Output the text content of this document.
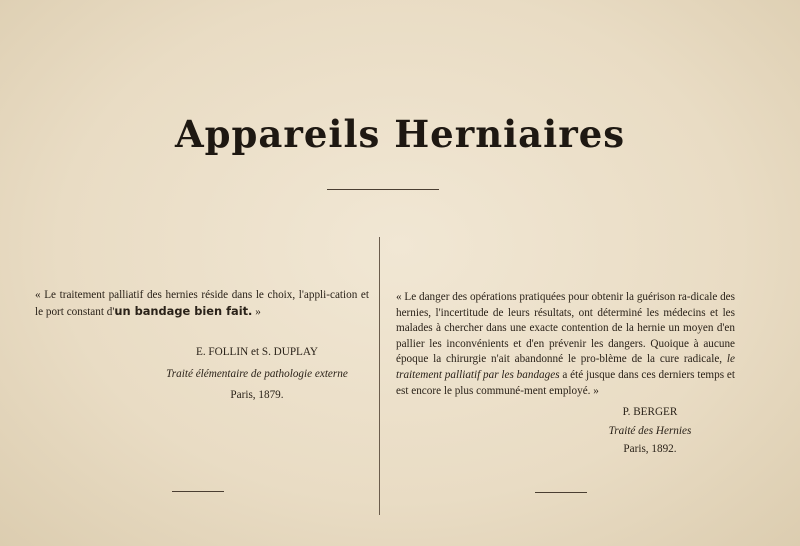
Appareils Herniaires
« Le traitement palliatif des hernies réside dans le choix, l'appli-cation et le port constant d'un bandage bien fait. »
E. FOLLIN et S. DUPLAY
Traité élémentaire de pathologie externe
Paris, 1879.
« Le danger des opérations pratiquées pour obtenir la guérison ra-dicale des hernies, l'incertitude de leurs résultats, ont déterminé les médecins et les malades à chercher dans une exacte contention de la hernie un moyen d'en pallier les inconvénients et d'en prévenir les dangers. Quoique à aucune époque la chirurgie n'ait abandonné le pro-blème de la cure radicale, le traitement palliatif par les bandages a été jusque dans ces derniers temps et est encore le plus communé-ment employé. »
P. BERGER
Traité des Hernies
Paris, 1892.
